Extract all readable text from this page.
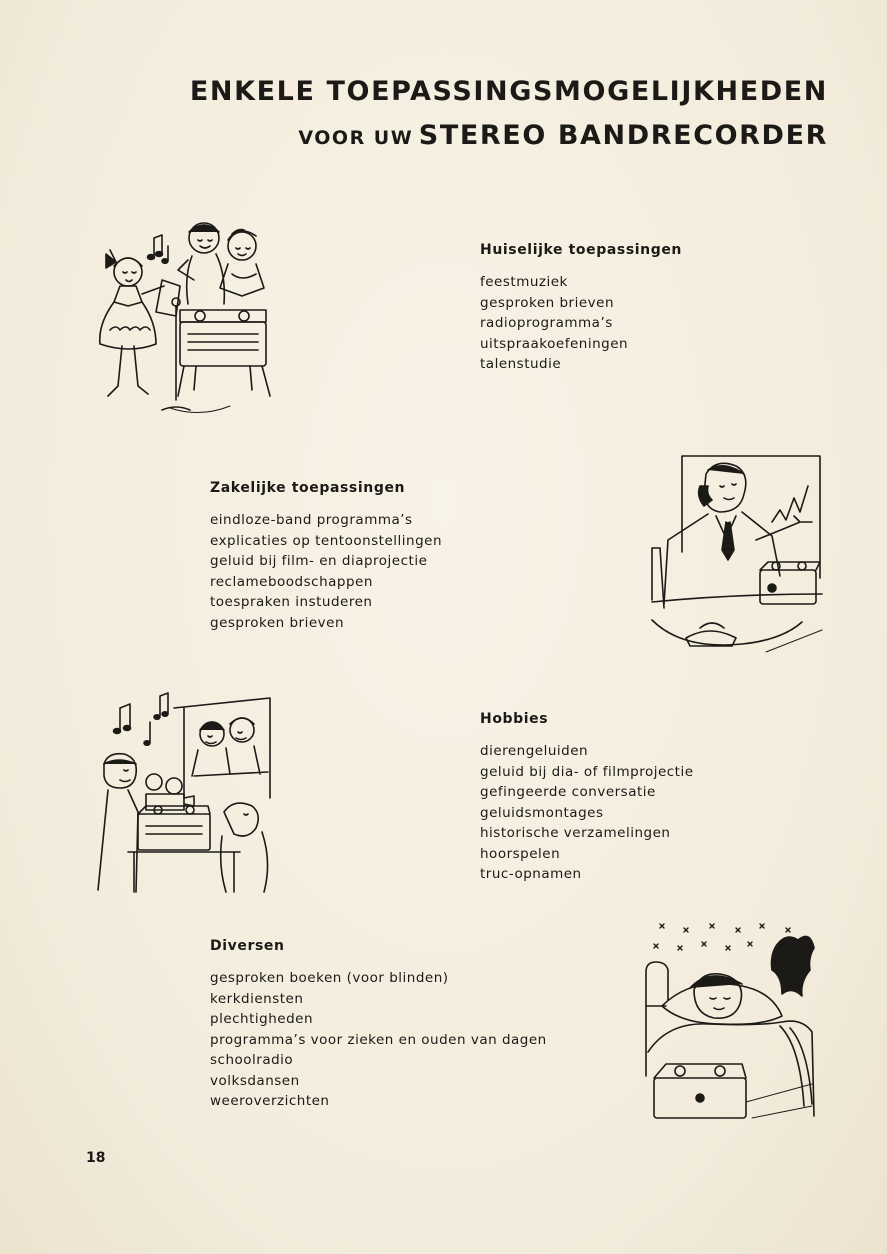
ENKELE TOEPASSINGSMOGELIJKHEDEN
VOOR UW STEREO BANDRECORDER
Huiselijke toepassingen
feestmuziek
gesproken brieven
radioprogramma’s
uitspraakoefeningen
talenstudie
Zakelijke toepassingen
eindloze-band programma’s
explicaties op tentoonstellingen
geluid bij film- en diaprojectie
reclameboodschappen
toespraken instuderen
gesproken brieven
Hobbies
dierengeluiden
geluid bij dia- of filmprojectie
gefingeerde conversatie
geluidsmontages
historische verzamelingen
hoorspelen
truc-opnamen
Diversen
gesproken boeken (voor blinden)
kerkdiensten
plechtigheden
programma’s voor zieken en ouden van dagen
schoolradio
volksdansen
weeroverzichten
18
